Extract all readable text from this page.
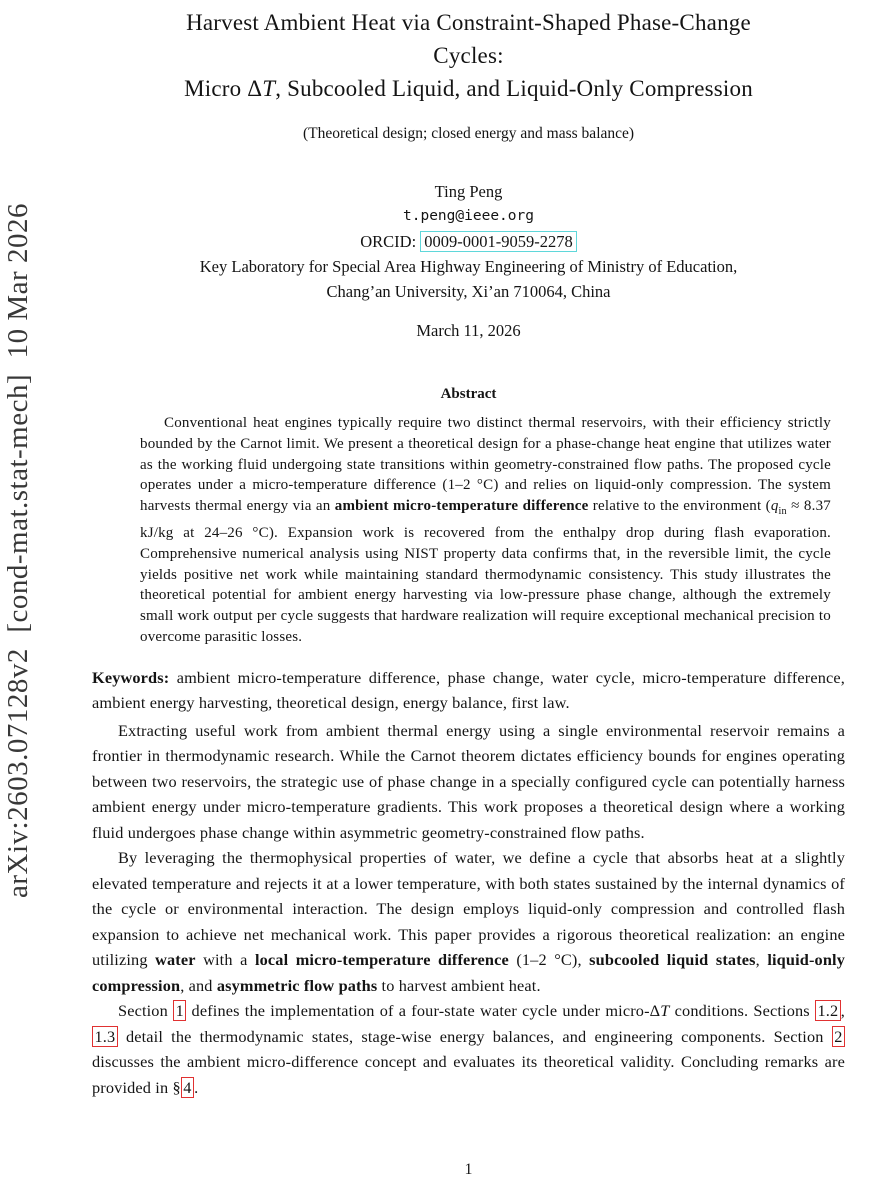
arXiv:2603.07128v2  [cond-mat.stat-mech]  10 Mar 2026
Harvest Ambient Heat via Constraint-Shaped Phase-Change
Cycles:
Micro ΔT, Subcooled Liquid, and Liquid-Only Compression

(Theoretical design; closed energy and mass balance)

Ting Peng

t.peng@ieee.org

ORCID: 0009-0001-9059-2278

Key Laboratory for Special Area Highway Engineering of Ministry of Education,

Chang’an University, Xi’an 710064, China

March 11, 2026

Abstract

Conventional heat engines typically require two distinct thermal reservoirs, with their efficiency strictly bounded by the Carnot limit. We present a theoretical design for a phase-change heat engine that utilizes water as the working fluid undergoing state transitions within geometry-constrained flow paths. The proposed cycle operates under a micro-temperature difference (1–2 °C) and relies on liquid-only compression. The system harvests thermal energy via an ambient micro-temperature difference relative to the environment ($q_{in} \approx 8.37$ kJ/kg at 24–26 °C). Expansion work is recovered from the enthalpy drop during flash evaporation. Comprehensive numerical analysis using NIST property data confirms that, in the reversible limit, the cycle yields positive net work while maintaining standard thermodynamic consistency. This study illustrates the theoretical potential for ambient energy harvesting via low-pressure phase change, although the extremely small work output per cycle suggests that hardware realization will require exceptional mechanical precision to overcome parasitic losses.

Keywords: ambient micro-temperature difference, phase change, water cycle, micro-temperature difference, ambient energy harvesting, theoretical design, energy balance, first law.

Extracting useful work from ambient thermal energy using a single environmental reservoir remains a frontier in thermodynamic research. While the Carnot theorem dictates efficiency bounds for engines operating between two reservoirs, the strategic use of phase change in a specially configured cycle can potentially harness ambient energy under micro-temperature gradients. This work proposes a theoretical design where a working fluid undergoes phase change within asymmetric geometry-constrained flow paths.

By leveraging the thermophysical properties of water, we define a cycle that absorbs heat at a slightly elevated temperature and rejects it at a lower temperature, with both states sustained by the internal dynamics of the cycle or environmental interaction. The design employs liquid-only compression and controlled flash expansion to achieve net mechanical work. This paper provides a rigorous theoretical realization: an engine utilizing water with a local micro-temperature difference (1–2 °C), subcooled liquid states, liquid-only compression, and asymmetric flow paths to harvest ambient heat.

Section 1 defines the implementation of a four-state water cycle under micro-ΔT conditions. Sections 1.2 , 1.3 detail the thermodynamic states, stage-wise energy balances, and engineering components. Section 2 discusses the ambient micro-difference concept and evaluates its theoretical validity. Concluding remarks are provided in § 4 .

1
